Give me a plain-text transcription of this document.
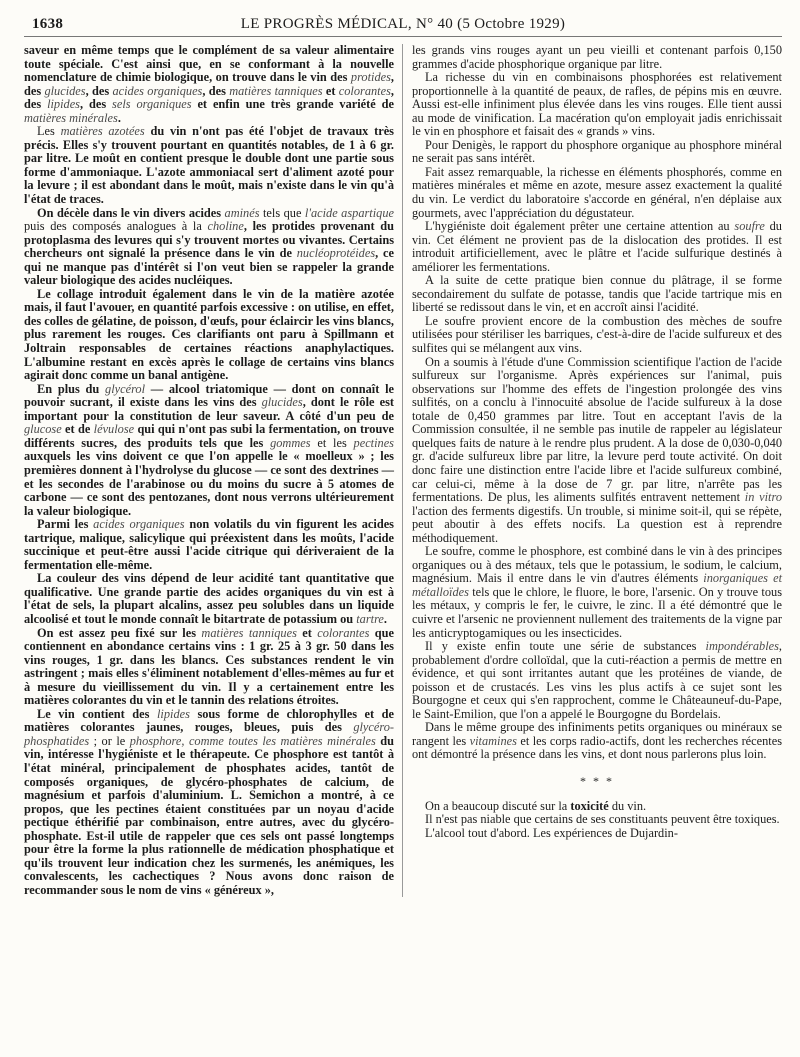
1638	LE PROGRÈS MÉDICAL, N° 40 (5 Octobre 1929)

saveur en même temps que le complément de sa valeur alimentaire toute spéciale. C'est ainsi que, en se conformant à la nouvelle nomenclature de chimie biologique, on trouve dans le vin des protides, des glucides, des acides organiques, des matières tanniques et colorantes, des lipides, des sels organiques et enfin une très grande variété de matières minérales.

Les matières azotées du vin n'ont pas été l'objet de travaux très précis. Elles s'y trouvent pourtant en quantités notables, de 1 à 6 gr. par litre. Le moût en contient presque le double dont une partie sous forme d'ammoniaque. L'azote ammoniacal sert d'aliment azoté pour la levure ; il est abondant dans le moût, mais n'existe dans le vin qu'à l'état de traces.

On décèle dans le vin divers acides aminés tels que l'acide aspartique puis des composés analogues à la choline, les protides provenant du protoplasma des levures qui s'y trouvent mortes ou vivantes. Certains chercheurs ont signalé la présence dans le vin de nucléoprotéides, ce qui ne manque pas d'intérêt si l'on veut bien se rappeler la grande valeur biologique des acides nucléiques.

Le collage introduit également dans le vin de la matière azotée mais, il faut l'avouer, en quantité parfois excessive : on utilise, en effet, des colles de gélatine, de poisson, d'œufs, pour éclaircir les vins blancs, plus rarement les rouges. Ces clarifiants ont paru à Spillmann et Joltrain responsables de certaines réactions anaphylactiques. L'albumine restant en excès après le collage de certains vins blancs agirait donc comme un banal antigène.

En plus du glycérol — alcool triatomique — dont on connaît le pouvoir sucrant, il existe dans les vins des glucides, dont le rôle est important pour la constitution de leur saveur. A côté d'un peu de glucose et de lévulose qui qui n'ont pas subi la fermentation, on trouve différents sucres, des produits tels que les gommes et les pectines auxquels les vins doivent ce que l'on appelle le « moelleux » ; les premières donnent à l'hydrolyse du glucose — ce sont des dextrines — et les secondes de l'arabinose ou du moins du sucre à 5 atomes de carbone — ce sont des pentozanes, dont nous verrons ultérieurement la valeur biologique.

Parmi les acides organiques non volatils du vin figurent les acides tartrique, malique, salicylique qui préexistent dans les moûts, l'acide succinique et peut-être aussi l'acide citrique qui dériveraient de la fermentation elle-même.

La couleur des vins dépend de leur acidité tant quantitative que qualificative. Une grande partie des acides organiques du vin est à l'état de sels, la plupart alcalins, assez peu solubles dans un liquide alcoolisé et tout le monde connaît le bitartrate de potassium ou tartre.

On est assez peu fixé sur les matières tanniques et colorantes que contiennent en abondance certains vins : 1 gr. 25 à 3 gr. 50 dans les vins rouges, 1 gr. dans les blancs. Ces substances rendent le vin astringent ; mais elles s'éliminent notablement d'elles-mêmes au fur et à mesure du vieillissement du vin. Il y a certainement entre les matières colorantes du vin et le tannin des relations étroites.

Le vin contient des lipides sous forme de chlorophylles et de matières colorantes jaunes, rouges, bleues, puis des glycéro-phosphatides ; or le phosphore, comme toutes les matières minérales du vin, intéresse l'hygiéniste et le thérapeute. Ce phosphore est tantôt à l'état minéral, principalement de phosphates acides, tantôt de composés organiques, de glycéro-phosphates de calcium, de magnésium et parfois d'aluminium. L. Semichon a montré, à ce propos, que les pectines étaient constituées par un noyau d'acide pectique éthérifié par combinaison, entre autres, avec du glycéro-phosphate. Est-il utile de rappeler que ces sels ont passé longtemps pour être la forme la plus rationnelle de médication phosphatique et qu'ils trouvent leur indication chez les surmenés, les anémiques, les convalescents, les cachectiques ? Nous avons donc raison de recommander sous le nom de vins « généreux »,

les grands vins rouges ayant un peu vieilli et contenant parfois 0,150 grammes d'acide phosphorique organique par litre.

La richesse du vin en combinaisons phosphorées est relativement proportionnelle à la quantité de peaux, de rafles, de pépins mis en œuvre. Aussi est-elle infiniment plus élevée dans les vins rouges. Elle tient aussi au mode de vinification. La macération qu'on employait jadis enrichissait le vin en phosphore et faisait des « grands » vins.

Pour Denigès, le rapport du phosphore organique au phosphore minéral ne serait pas sans intérêt.

Fait assez remarquable, la richesse en éléments phosphorés, comme en matières minérales et même en azote, mesure assez exactement la qualité du vin. Le verdict du laboratoire s'accorde en général, n'en déplaise aux gourmets, avec l'appréciation du dégustateur.

L'hygiéniste doit également prêter une certaine attention au soufre du vin. Cet élément ne provient pas de la dislocation des protides. Il est introduit artificiellement, avec le plâtre et l'acide sulfurique destinés à améliorer les fermentations.

A la suite de cette pratique bien connue du plâtrage, il se forme secondairement du sulfate de potasse, tandis que l'acide tartrique mis en liberté se redissout dans le vin, et en accroît ainsi l'acidité.

Le soufre provient encore de la combustion des mèches de soufre utilisées pour stériliser les barriques, c'est-à-dire de l'acide sulfureux et des sulfites qui se mélangent aux vins.

On a soumis à l'étude d'une Commission scientifique l'action de l'acide sulfureux sur l'organisme. Après expériences sur l'animal, puis observations sur l'homme des effets de l'ingestion prolongée des vins sulfités, on a conclu à l'innocuité absolue de l'acide sulfureux à la dose totale de 0,450 grammes par litre. Tout en acceptant l'avis de la Commission consultée, il ne semble pas inutile de rappeler au législateur quelques faits de nature à le rendre plus prudent. A la dose de 0,030-0,040 gr. d'acide sulfureux libre par litre, la levure perd toute activité. On doit donc faire une distinction entre l'acide libre et l'acide sulfureux combiné, car celui-ci, même à la dose de 7 gr. par litre, n'arrête pas les fermentations. De plus, les aliments sulfités entravent nettement in vitro l'action des ferments digestifs. Un trouble, si minime soit-il, qui se répète, peut aboutir à des effets nocifs. La question est à reprendre méthodiquement.

Le soufre, comme le phosphore, est combiné dans le vin à des principes organiques ou à des métaux, tels que le potassium, le sodium, le calcium, magnésium. Mais il entre dans le vin d'autres éléments inorganiques et métalloïdes tels que le chlore, le fluore, le bore, l'arsenic. On y trouve tous les métaux, y compris le fer, le cuivre, le zinc. Il a été démontré que le cuivre et l'arsenic ne proviennent nullement des traitements de la vigne par les anticryptogamiques ou les insecticides.

Il y existe enfin toute une série de substances impondérables, probablement d'ordre colloïdal, que la cuti-réaction a permis de mettre en évidence, et qui sont irritantes autant que les protéines de viande, de poisson et de crustacés. Les vins les plus actifs à ce sujet sont les Bourgogne et ceux qui s'en rapprochent, comme le Châteauneuf-du-Pape, le Saint-Emilion, que l'on a appelé le Bourgogne du Bordelais.

Dans le même groupe des infiniments petits organiques ou minéraux se rangent les vitamines et les corps radio-actifs, dont les recherches récentes ont démontré la présence dans les vins, et dont nous parlerons plus loin.

* * *

On a beaucoup discuté sur la toxicité du vin.

Il n'est pas niable que certains de ses constituants peuvent être toxiques.

L'alcool tout d'abord. Les expériences de Dujardin-
